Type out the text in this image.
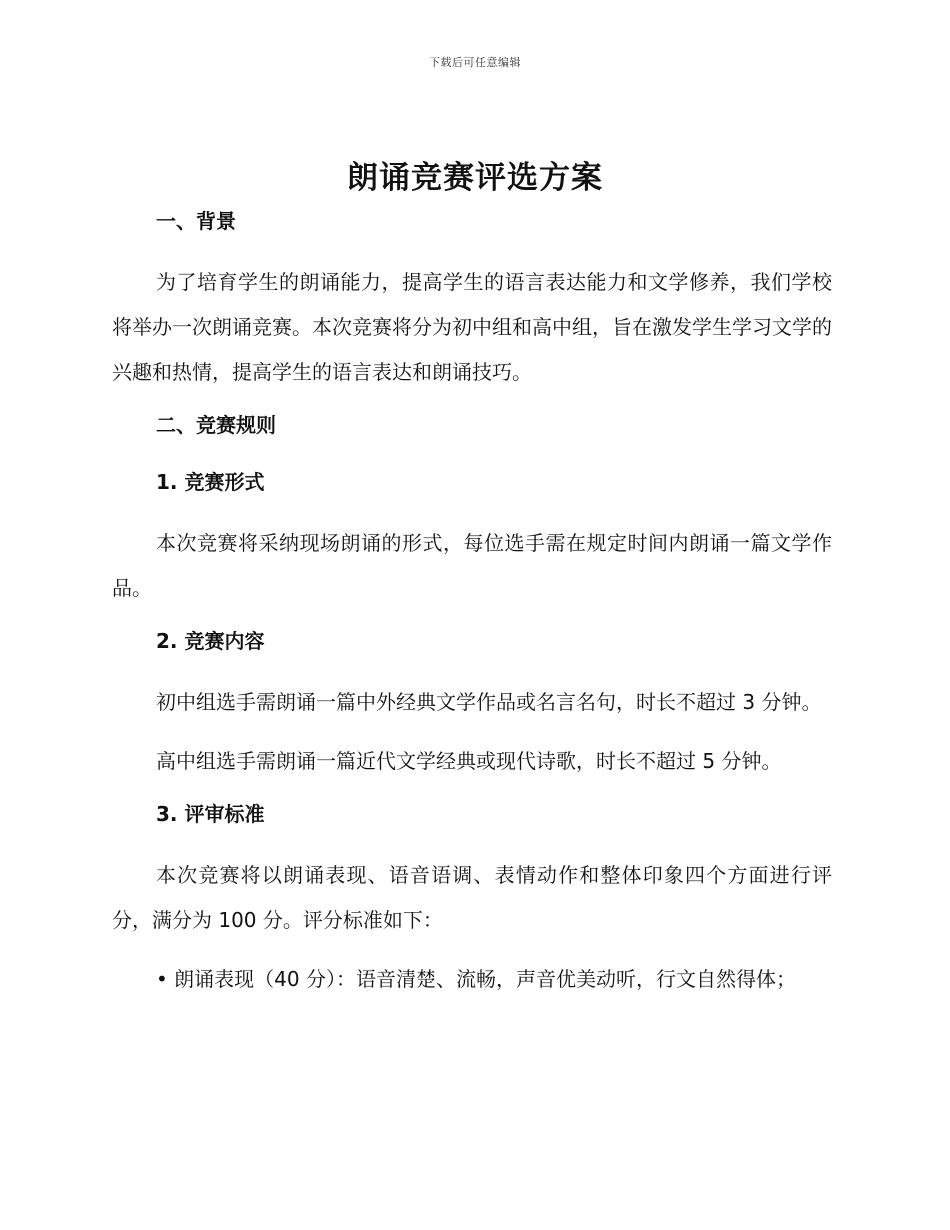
下载后可任意编辑
朗诵竞赛评选方案
一、背景

为了培育学生的朗诵能力，提高学生的语言表达能力和文学修养，我们学校将举办一次朗诵竞赛。本次竞赛将分为初中组和高中组，旨在激发学生学习文学的兴趣和热情，提高学生的语言表达和朗诵技巧。

二、竞赛规则
1. 竞赛形式

本次竞赛将采纳现场朗诵的形式，每位选手需在规定时间内朗诵一篇文学作品。

2. 竞赛内容

初中组选手需朗诵一篇中外经典文学作品或名言名句，时长不超过 3 分钟。

高中组选手需朗诵一篇近代文学经典或现代诗歌，时长不超过 5 分钟。

3. 评审标准

本次竞赛将以朗诵表现、语音语调、表情动作和整体印象四个方面进行评分，满分为 100 分。评分标准如下：

• 朗诵表现（40 分）：语音清楚、流畅，声音优美动听，行文自然得体；
